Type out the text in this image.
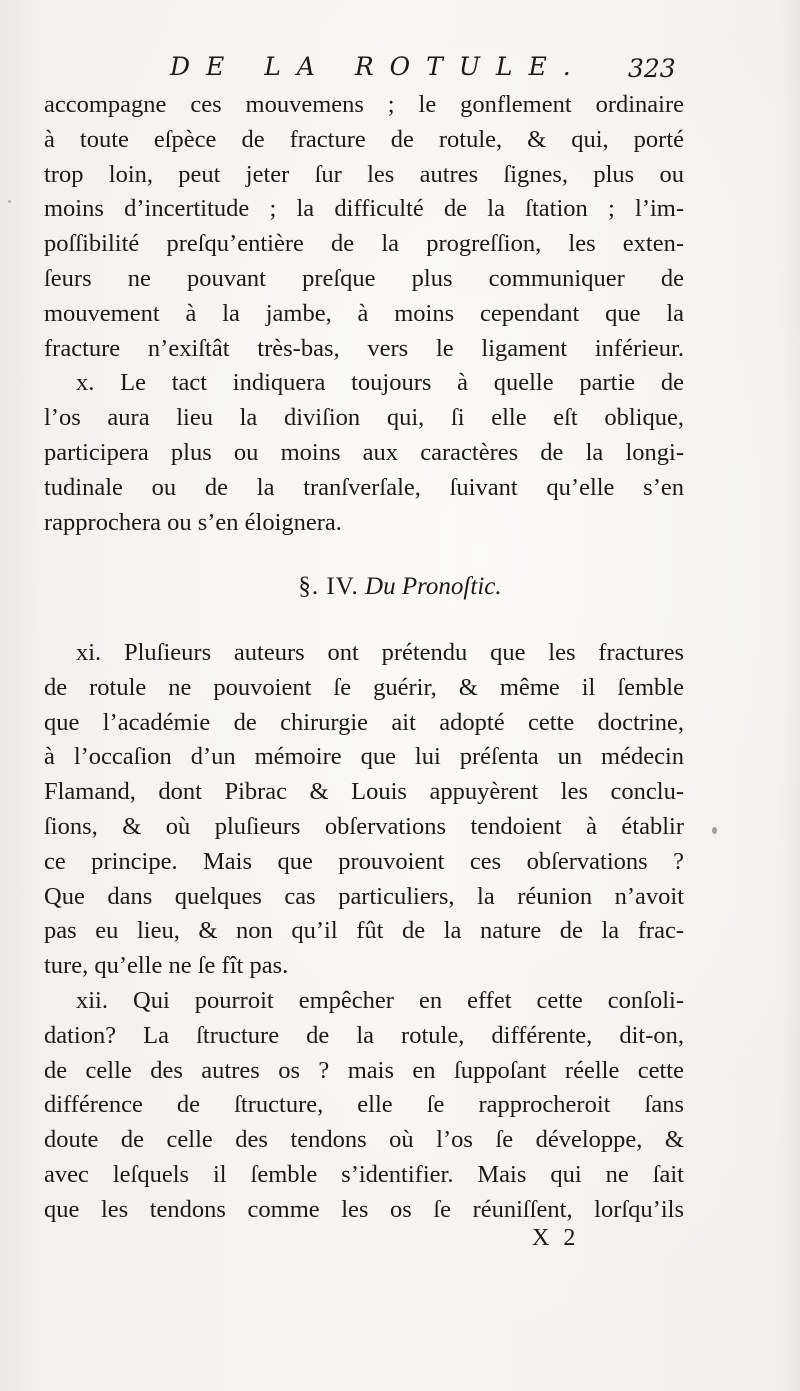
DE LA ROTULE. 323
accompagne ces mouvemens ; le gonflement ordinaire
à toute eſpèce de fracture de rotule, & qui, porté
trop loin, peut jeter ſur les autres ſignes, plus ou
moins d’incertitude ; la difficulté de la ſtation ; l’im-
poſſibilité preſqu’entière de la progreſſion, les exten-
ſeurs ne pouvant preſque plus communiquer de
mouvement à la jambe, à moins cependant que la
fracture n’exiſtât très-bas, vers le ligament inférieur.
x. Le tact indiquera toujours à quelle partie de
l’os aura lieu la diviſion qui, ſi elle eſt oblique,
participera plus ou moins aux caractères de la longi-
tudinale ou de la tranſverſale, ſuivant qu’elle s’en
rapprochera ou s’en éloignera.
§. IV. Du Pronoſtic.
xi. Pluſieurs auteurs ont prétendu que les fractures
de rotule ne pouvoient ſe guérir, & même il ſemble
que l’académie de chirurgie ait adopté cette doctrine,
à l’occaſion d’un mémoire que lui préſenta un médecin
Flamand, dont Pibrac & Louis appuyèrent les conclu-
ſions, & où pluſieurs obſervations tendoient à établir
ce principe. Mais que prouvoient ces obſervations ?
Que dans quelques cas particuliers, la réunion n’avoit
pas eu lieu, & non qu’il fût de la nature de la frac-
ture, qu’elle ne ſe fît pas.
xii. Qui pourroit empêcher en effet cette conſoli-
dation? La ſtructure de la rotule, différente, dit-on,
de celle des autres os ? mais en ſuppoſant réelle cette
différence de ſtructure, elle ſe rapprocheroit ſans
doute de celle des tendons où l’os ſe développe, &
avec leſquels il ſemble s’identifier. Mais qui ne ſait
que les tendons comme les os ſe réuniſſent, lorſqu’ils
X 2
